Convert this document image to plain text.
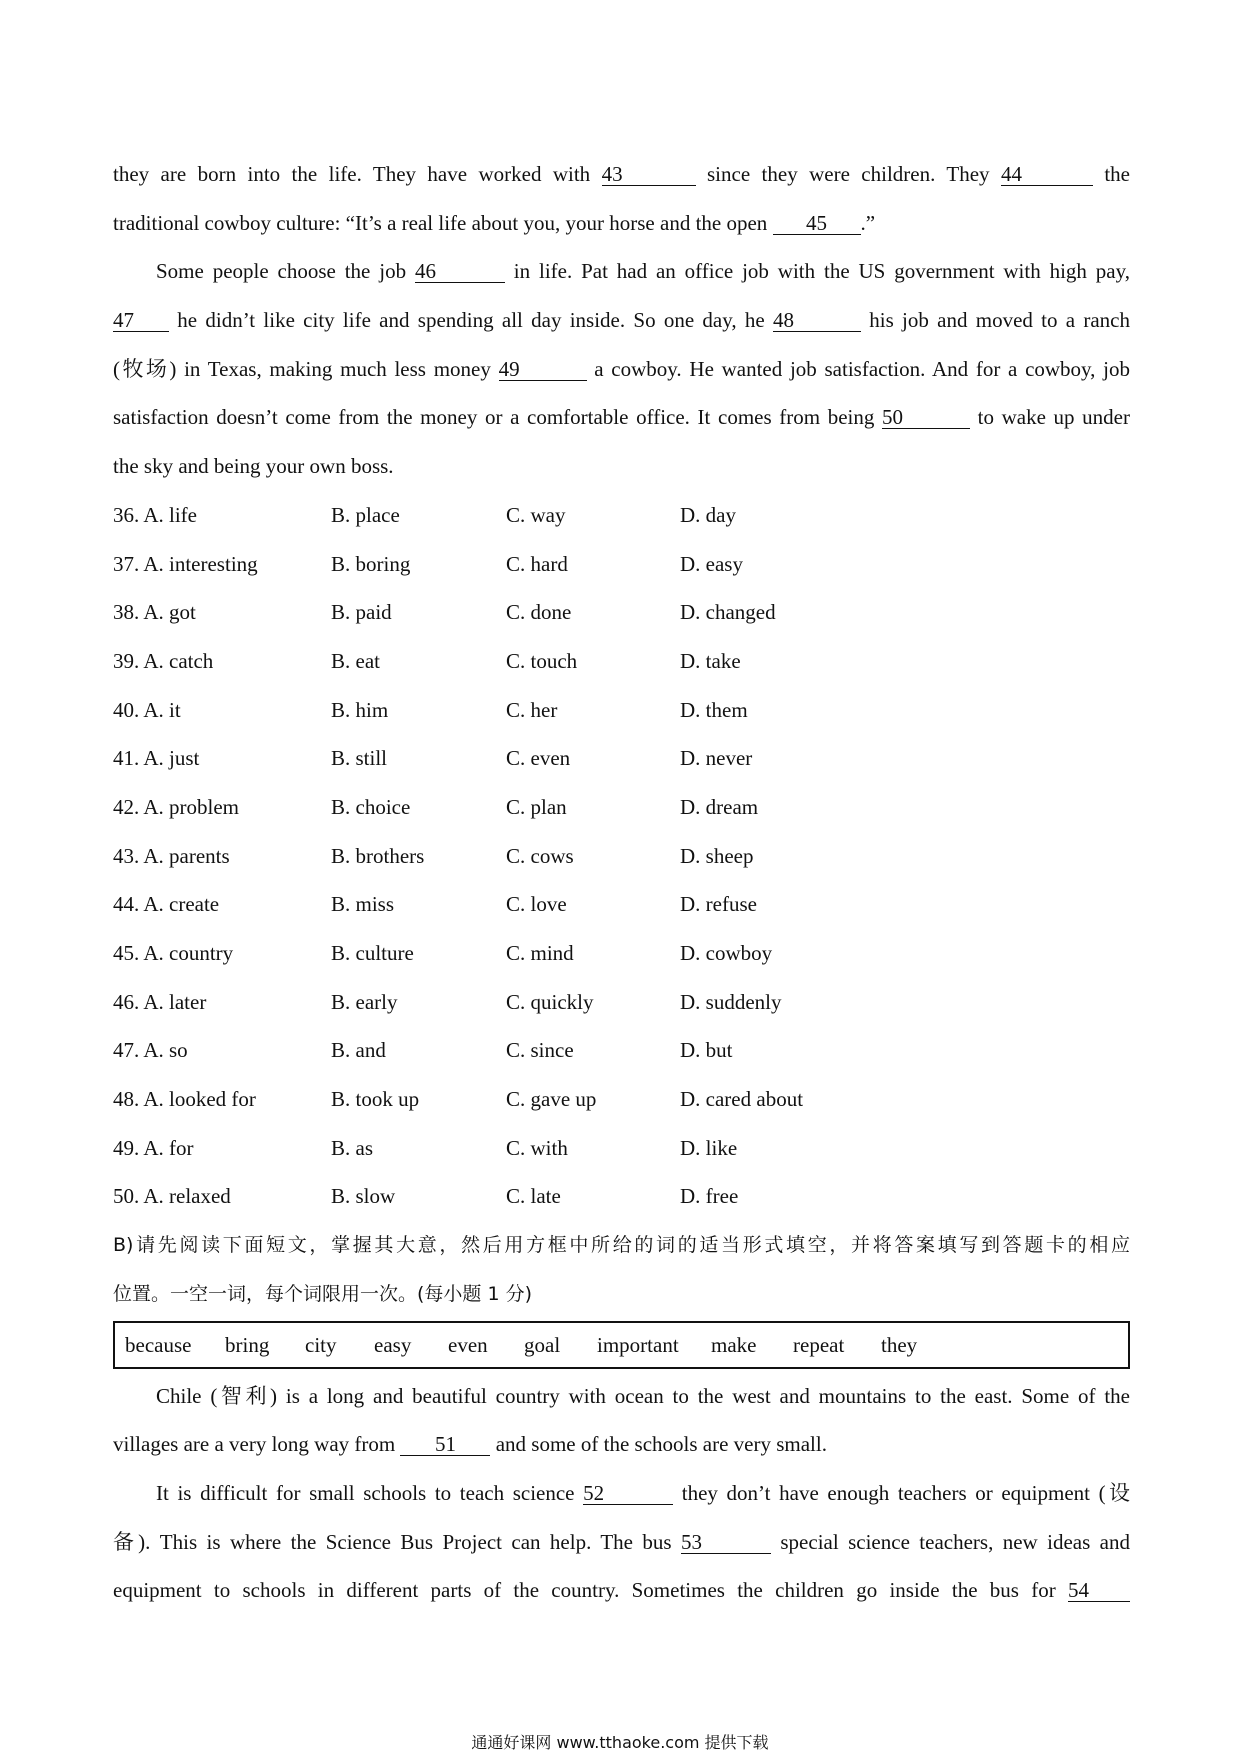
they are born into the life. They have worked with 43	since they were children. They 44	the
traditional cowboy culture: “It’s a real life about you, your horse and the open 45 .”
Some people choose the job 46	in life. Pat had an office job with the US government with high pay,
47 he didn’t like city life and spending all day inside. So one day, he 48	his job and moved to a ranch
(牧场) in Texas, making much less money 49	a cowboy. He wanted job satisfaction. And for a cowboy, job
satisfaction doesn’t come from the money or a comfortable office. It comes from being 50	to wake up under
the sky and being your own boss.
36. A. life	B. place	C. way	D. day
37. A. interesting	B. boring	C. hard	D. easy
38. A. got	B. paid	C. done	D. changed
39. A. catch	B. eat	C. touch	D. take
40. A. it	B. him	C. her	D. them
41. A. just	B. still	C. even	D. never
42. A. problem	B. choice	C. plan	D. dream
43. A. parents	B. brothers	C. cows	D. sheep
44. A. create	B. miss	C. love	D. refuse
45. A. country	B. culture	C. mind	D. cowboy
46. A. later	B. early	C. quickly	D. suddenly
47. A. so	B. and	C. since	D. but
48. A. looked for	B. took up	C. gave up	D. cared about
49. A. for	B. as	C. with	D. like
50. A. relaxed	B. slow	C. late	D. free
B)请先阅读下面短文，掌握其大意，然后用方框中所给的词的适当形式填空，并将答案填写到答题卡的相应
位置。一空一词，每个词限用一次。(每小题 1 分)
because bring city easy even goal important make repeat they
Chile (智利) is a long and beautiful country with ocean to the west and mountains to the east. Some of the
villages are a very long way from 51 and some of the schools are very small.
It is difficult for small schools to teach science 52	they don’t have enough teachers or equipment (设
备). This is where the Science Bus Project can help. The bus 53	special science teachers, new ideas and
equipment to schools in different parts of the country. Sometimes the children go inside the bus for 54
通通好课网 www.tthaoke.com 提供下载
